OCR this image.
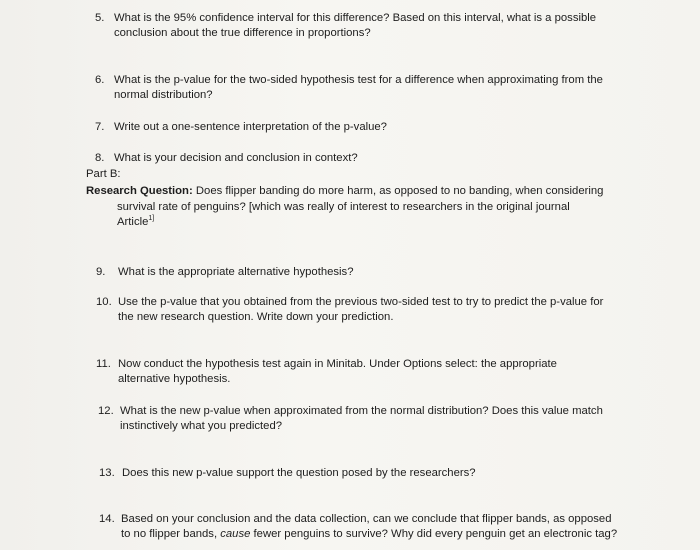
5. What is the 95% confidence interval for this difference? Based on this interval, what is a possible
conclusion about the true difference in proportions?
6. What is the p-value for the two-sided hypothesis test for a difference when approximating from the
normal distribution?
7. Write out a one-sentence interpretation of the p-value?
8. What is your decision and conclusion in context?
Part B:
Research Question: Does flipper banding do more harm, as opposed to no banding, when considering
survival rate of penguins? [which was really of interest to researchers in the original journal
Article$^{1]}$
9.	What is the appropriate alternative hypothesis?
10. Use the p-value that you obtained from the previous two-sided test to try to predict the p-value for
the new research question. Write down your prediction.
11. Now conduct the hypothesis test again in Minitab. Under Options select: the appropriate
alternative hypothesis.
12. What is the new p-value when approximated from the normal distribution? Does this value match
instinctively what you predicted?
13. Does this new p-value support the question posed by the researchers?
14. Based on your conclusion and the data collection, can we conclude that flipper bands, as opposed
to no flipper bands, cause fewer penguins to survive? Why did every penguin get an electronic tag?
